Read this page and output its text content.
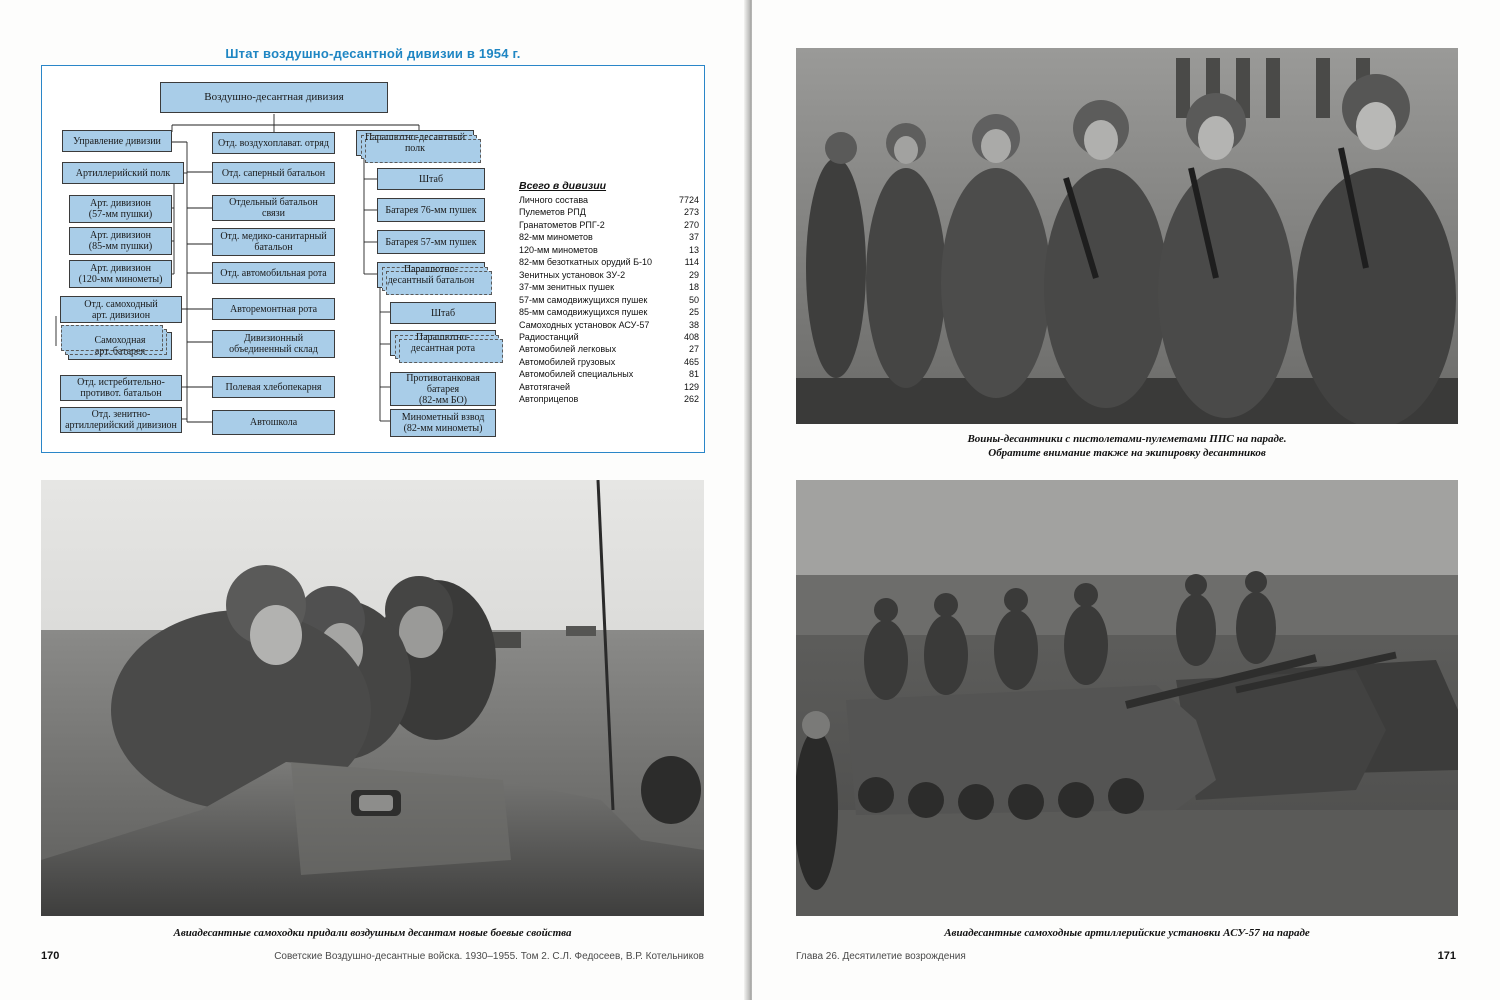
Штат воздушно-десантной дивизии в 1954 г.
Воздушно-десантная дивизия
Управление дивизии
Артиллерийский полк
Арт. дивизион
(57-мм пушки)
Арт. дивизион
(85-мм пушки)
Арт. дивизион
(120-мм минометы)
Отд. самоходный
арт. дивизион
Самоходная
арт. батарея
Отд. истребительно-
противот. батальон
Отд. зенитно-
артиллерийский дивизион
Отд. воздухоплават. отряд
Отд. саперный батальон
Отдельный батальон
связи
Отд. медико-санитарный
батальон
Отд. автомобильная рота
Авторемонтная рота
Дивизионный
объединенный склад
Полевая хлебопекарня
Автошкола
Парашютно-десантный
полк
Штаб
Батарея 76-мм пушек
Батарея 57-мм пушек
Парашютно-
десантный батальон
Штаб
Парашютно-
десантная рота
Противотанковая
батарея
(82-мм БО)
Минометный взвод
(82-мм минометы)
Всего в дивизии
Личного состава	7724
Пулеметов РПД	273
Гранатометов РПГ-2	270
82-мм минометов	37
120-мм минометов	13
82-мм безоткатных орудий Б-10	114
Зенитных установок ЗУ-2	29
37-мм зенитных пушек	18
57-мм самодвижущихся пушек	50
85-мм самодвижущихся пушек	25
Самоходных установок АСУ-57	38
Радиостанций	408
Автомобилей легковых	27
Автомобилей грузовых	465
Автомобилей специальных	81
Автотягачей	129
Автоприцепов	262
Авиадесантные самоходки придали воздушным десантам новые боевые свойства
170	Советские Воздушно-десантные войска. 1930–1955. Том 2. С.Л. Федосеев, В.Р. Котельников
Воины-десантники с пистолетами-пулеметами ППС на параде.
Обратите внимание также на экипировку десантников
Авиадесантные самоходные артиллерийские установки АСУ-57 на параде
Глава 26. Десятилетие возрождения	171
